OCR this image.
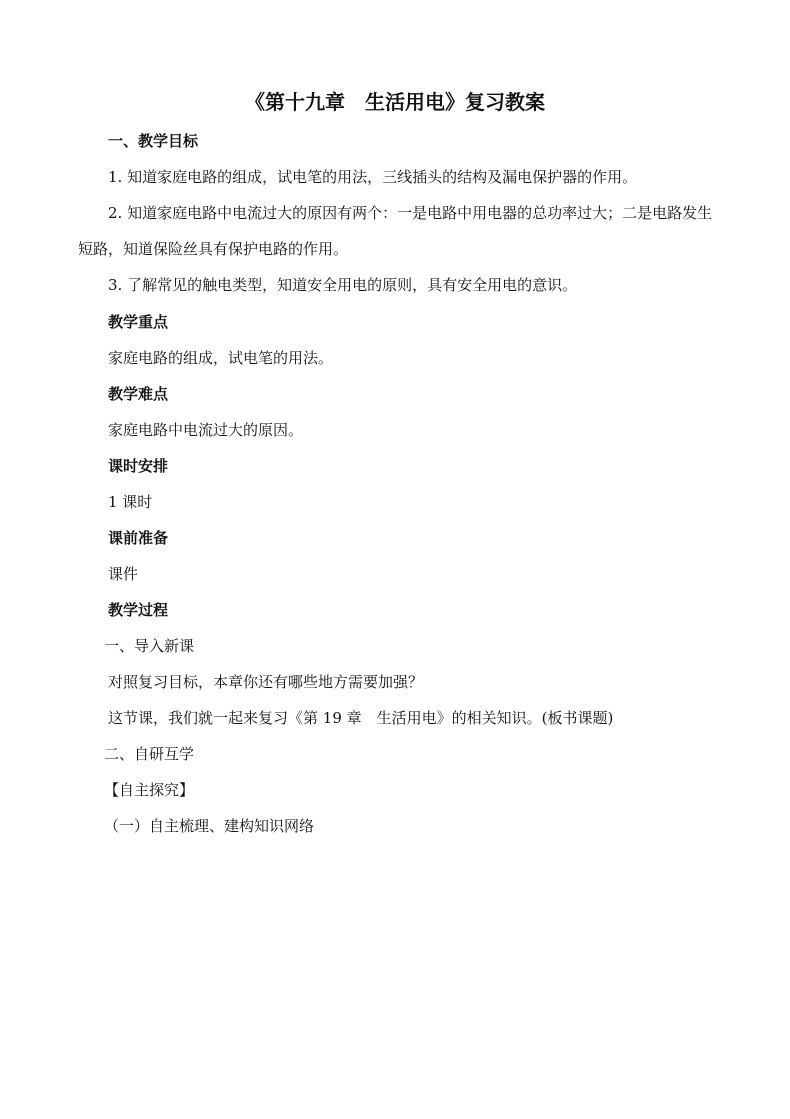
《第十九章　生活用电》复习教案
一、教学目标
1. 知道家庭电路的组成，试电笔的用法，三线插头的结构及漏电保护器的作用。
2. 知道家庭电路中电流过大的原因有两个：一是电路中用电器的总功率过大；二是电路发生短路，知道保险丝具有保护电路的作用。
3. 了解常见的触电类型，知道安全用电的原则，具有安全用电的意识。
教学重点
家庭电路的组成，试电笔的用法。
教学难点
家庭电路中电流过大的原因。
课时安排
1 课时
课前准备
课件
教学过程
一、导入新课
对照复习目标，本章你还有哪些地方需要加强？
这节课，我们就一起来复习《第 19 章　生活用电》的相关知识。(板书课题)
二、自研互学
【自主探究】
（一）自主梳理、建构知识网络
